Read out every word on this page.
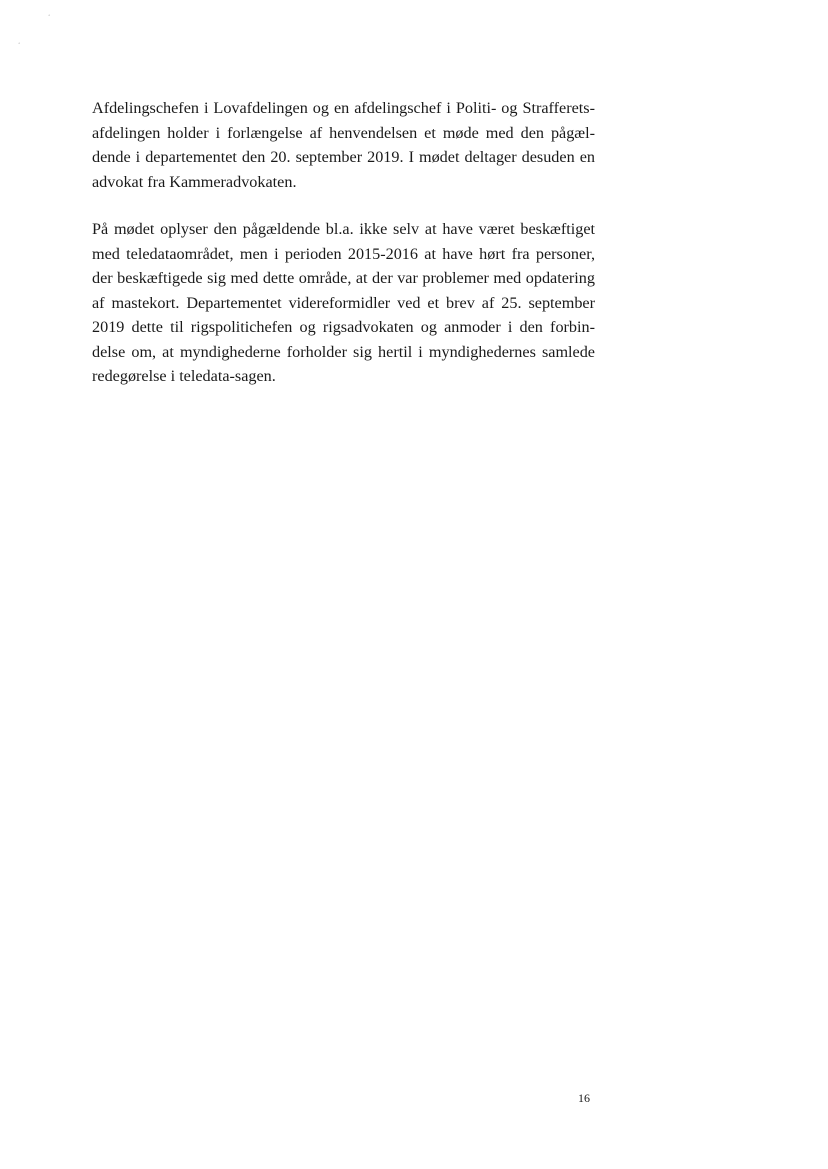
‘
‘

Afdelingschefen i Lovafdelingen og en afdelingschef i Politi- og Strafferets-
afdelingen holder i forlængelse af henvendelsen et møde med den pågæl-
dende i departementet den 20. september 2019. I mødet deltager desuden en
advokat fra Kammeradvokaten.

På mødet oplyser den pågældende bl.a. ikke selv at have været beskæftiget
med teledataområdet, men i perioden 2015-2016 at have hørt fra personer,
der beskæftigede sig med dette område, at der var problemer med opdatering
af mastekort. Departementet videreformidler ved et brev af 25. september
2019 dette til rigspolitichefen og rigsadvokaten og anmoder i den forbin-
delse om, at myndighederne forholder sig hertil i myndighedernes samlede
redegørelse i teledata-sagen.

16
